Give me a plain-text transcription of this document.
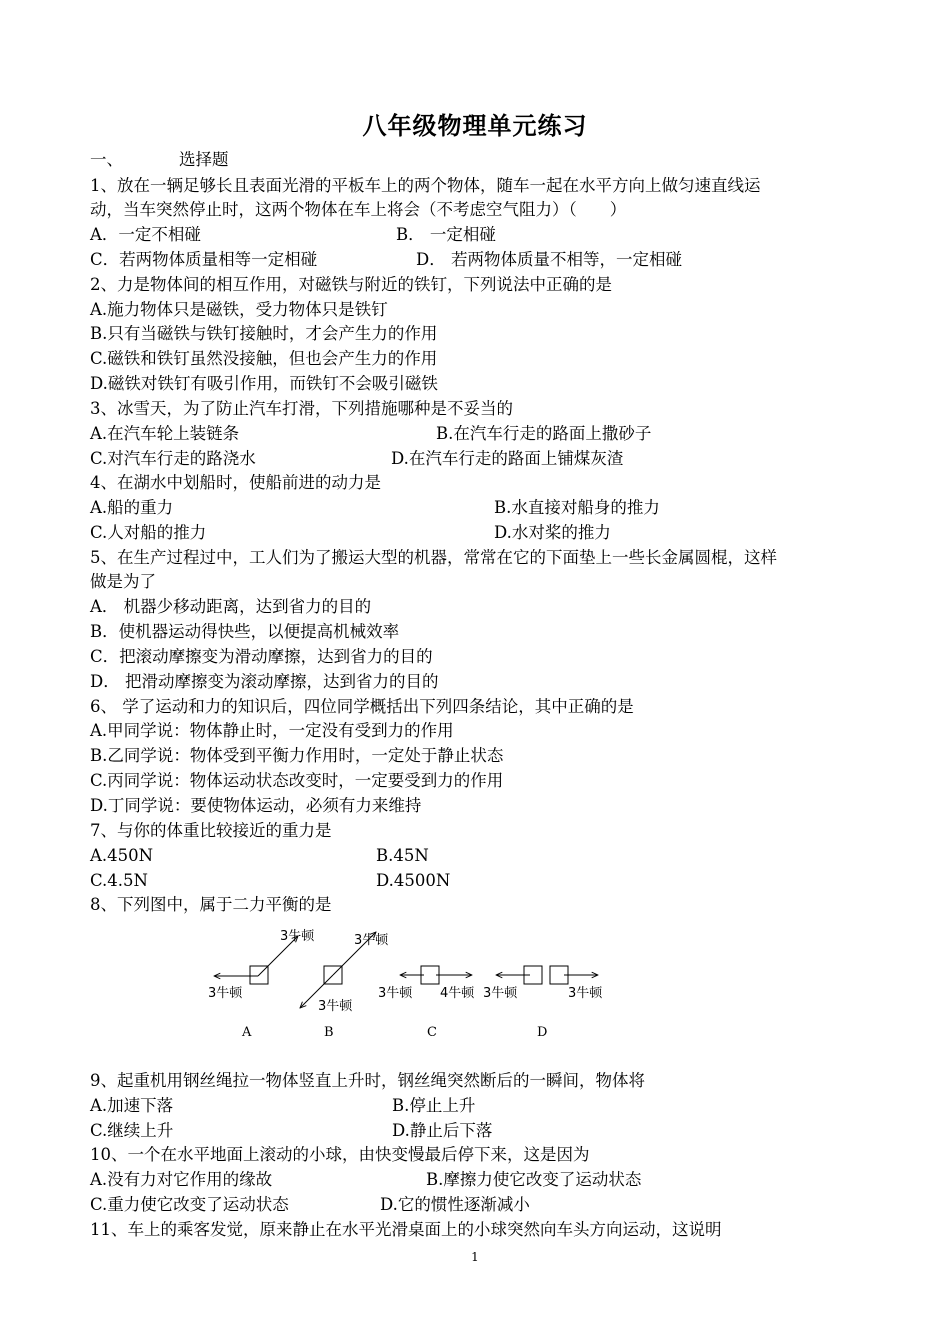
八年级物理单元练习
一、	选择题
1、放在一辆足够长且表面光滑的平板车上的两个物体，随车一起在水平方向上做匀速直线运
动，当车突然停止时，这两个物体在车上将会（不考虑空气阻力）（　　）
A．一定不相碰	B． 一定相碰
C．若两物体质量相等一定相碰	D． 若两物体质量不相等，一定相碰
2、力是物体间的相互作用，对磁铁与附近的铁钉，下列说法中正确的是
A.施力物体只是磁铁，受力物体只是铁钉
B.只有当磁铁与铁钉接触时，才会产生力的作用
C.磁铁和铁钉虽然没接触，但也会产生力的作用
D.磁铁对铁钉有吸引作用，而铁钉不会吸引磁铁
3、冰雪天，为了防止汽车打滑，下列措施哪种是不妥当的
A.在汽车轮上装链条	B.在汽车行走的路面上撒砂子
C.对汽车行走的路浇水	D.在汽车行走的路面上铺煤灰渣
4、在湖水中划船时，使船前进的动力是
A.船的重力	B.水直接对船身的推力
C.人对船的推力	D.水对桨的推力
5、在生产过程过中，工人们为了搬运大型的机器，常常在它的下面垫上一些长金属圆棍，这样
做是为了
A． 机器少移动距离，达到省力的目的
B．使机器运动得快些，以便提高机械效率
C．把滚动摩擦变为滑动摩擦，达到省力的目的
D． 把滑动摩擦变为滚动摩擦，达到省力的目的
6、 学了运动和力的知识后，四位同学概括出下列四条结论，其中正确的是
A.甲同学说：物体静止时，一定没有受到力的作用
B.乙同学说：物体受到平衡力作用时，一定处于静止状态
C.丙同学说：物体运动状态改变时，一定要受到力的作用
D.丁同学说：要使物体运动，必须有力来维持
7、与你的体重比较接近的重力是
A.450N	B.45N
C.4.5N	D.4500N
8、下列图中，属于二力平衡的是
3牛顿
3牛顿
A
3牛顿
3牛顿
B
3牛顿 4牛顿
C
3牛顿	3牛顿
D
9、起重机用钢丝绳拉一物体竖直上升时，钢丝绳突然断后的一瞬间，物体将
A.加速下落	B.停止上升
C.继续上升	D.静止后下落
10、一个在水平地面上滚动的小球，由快变慢最后停下来，这是因为
A.没有力对它作用的缘故	B.摩擦力使它改变了运动状态
C.重力使它改变了运动状态	D.它的惯性逐渐减小
11、车上的乘客发觉，原来静止在水平光滑桌面上的小球突然向车头方向运动，这说明
1
